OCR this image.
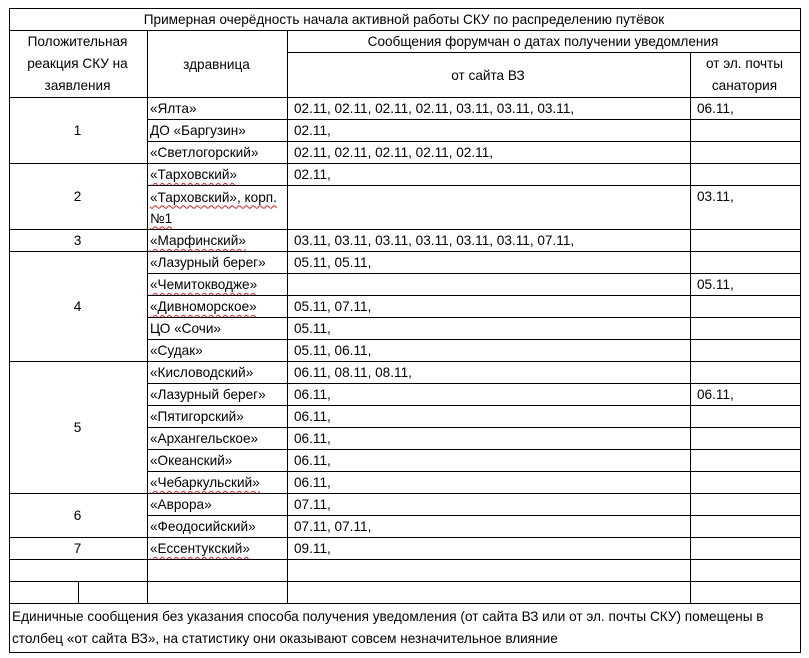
Примерная очерёдность начала активной работы СКУ по распределению путёвок				
Положительная реакция СКУ на заявления		здравница	Сообщения форумчан о датах получении уведомления	
			от сайта ВЗ	от эл. почты санатория
1		«Ялта»	02.11, 02.11, 02.11, 02.11, 03.11, 03.11, 03.11,	06.11,
		ДО «Баргузин»	02.11,	
		«Светлогорский»	02.11, 02.11, 02.11, 02.11, 02.11,	
2		«Тарховский»	02.11,	
		«Тарховский», корп. №1		03.11,
3		«Марфинский»	03.11, 03.11, 03.11, 03.11, 03.11, 03.11, 07.11,	
4		«Лазурный берег»	05.11, 05.11,	
		«Чемитокводже»		05.11,
		«Дивноморское»	05.11, 07.11,	
		ЦО «Сочи»	05.11,	
		«Судак»	05.11, 06.11,	
5		«Кисловодский»	06.11, 08.11, 08.11,	
		«Лазурный берег»	06.11,	06.11,
		«Пятигорский»	06.11,	
		«Архангельское»	06.11,	
		«Океанский»	06.11,	
		«Чебаркульский»	06.11,	
6		«Аврора»	07.11,	
		«Феодосийский»	07.11, 07.11,	
7		«Ессентукский»	09.11,	

Единичные сообщения без указания способа получения уведомления (от сайта ВЗ или от эл. почты СКУ) помещены в столбец «от сайта ВЗ», на статистику они оказывают совсем незначительное влияние				
